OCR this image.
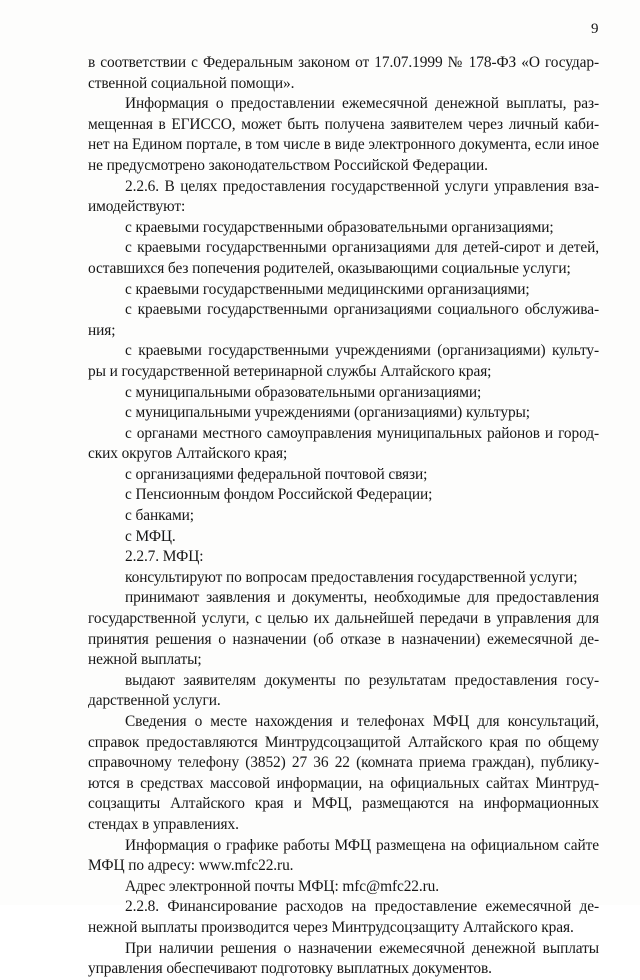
9

в соответствии с Федеральным законом от 17.07.1999 № 178-ФЗ «О государ-ственной социальной помощи».

Информация о предоставлении ежемесячной денежной выплаты, раз-мещенная в ЕГИССО, может быть получена заявителем через личный каби-нет на Едином портале, в том числе в виде электронного документа, если иное не предусмотрено законодательством Российской Федерации.

2.2.6. В целях предоставления государственной услуги управления вза-имодействуют:

с краевыми государственными образовательными организациями;

с краевыми государственными организациями для детей-сирот и детей, оставшихся без попечения родителей, оказывающими социальные услуги;

с краевыми государственными медицинскими организациями;

с краевыми государственными организациями социального обслужива-ния;

с краевыми государственными учреждениями (организациями) культу-ры и государственной ветеринарной службы Алтайского края;

с муниципальными образовательными организациями;

с муниципальными учреждениями (организациями) культуры;

с органами местного самоуправления муниципальных районов и город-ских округов Алтайского края;

с организациями федеральной почтовой связи;

с Пенсионным фондом Российской Федерации;

с банками;

с МФЦ.

2.2.7. МФЦ:

консультируют по вопросам предоставления государственной услуги;

принимают заявления и документы, необходимые для предоставления государственной услуги, с целью их дальнейшей передачи в управления для принятия решения о назначении (об отказе в назначении) ежемесячной де-нежной выплаты;

выдают заявителям документы по результатам предоставления госу-дарственной услуги.

Сведения о месте нахождения и телефонах МФЦ для консультаций, справок предоставляются Минтрудсоцзащитой Алтайского края по общему справочному телефону (3852) 27 36 22 (комната приема граждан), публику-ются в средствах массовой информации, на официальных сайтах Минтруд-соцзащиты Алтайского края и МФЦ, размещаются на информационных стендах в управлениях.

Информация о графике работы МФЦ размещена на официальном сайте МФЦ по адресу: www.mfc22.ru.

Адрес электронной почты МФЦ: mfc@mfc22.ru.

2.2.8. Финансирование расходов на предоставление ежемесячной де-нежной выплаты производится через Минтрудсоцзащиту Алтайского края.

При наличии решения о назначении ежемесячной денежной выплаты управления обеспечивают подготовку выплатных документов.
